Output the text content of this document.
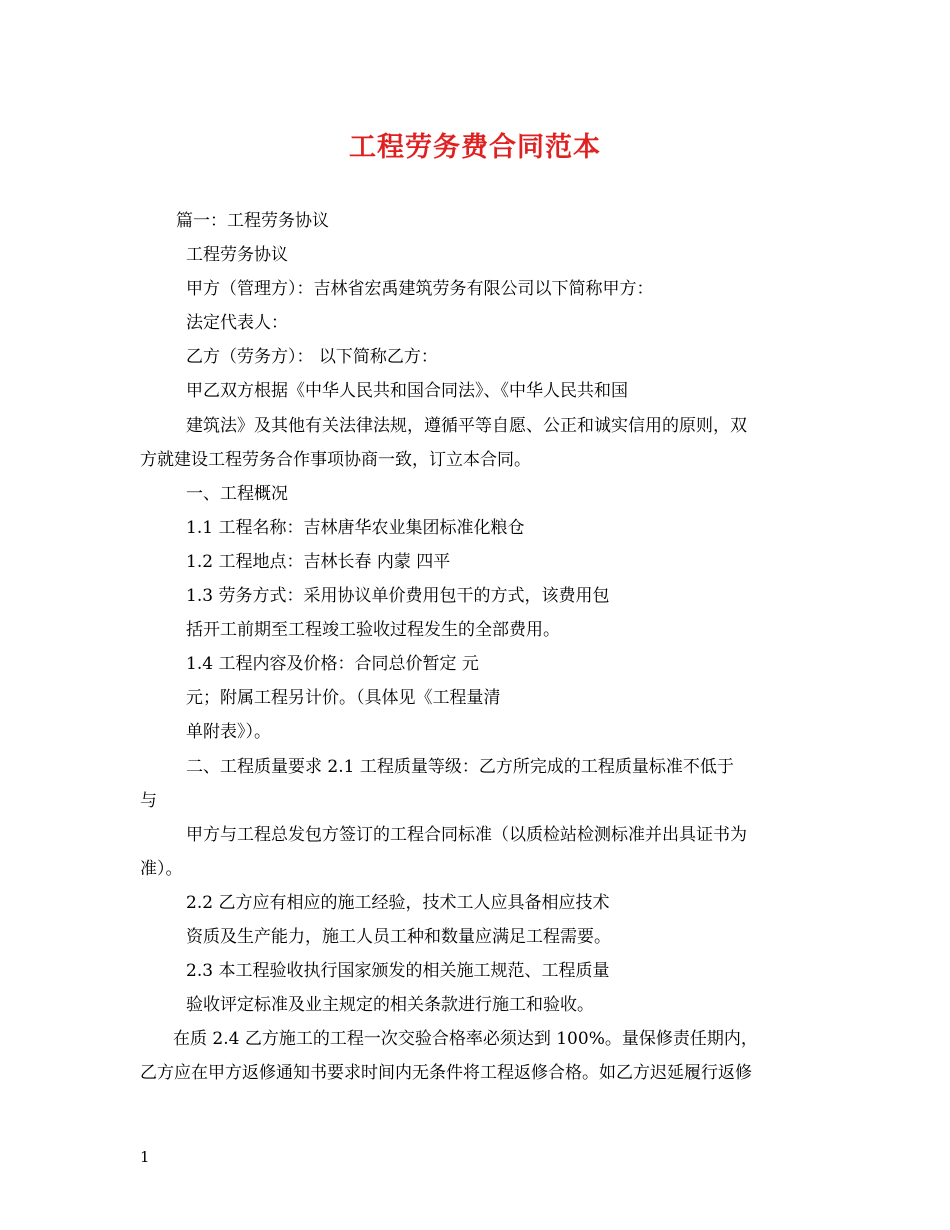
工程劳务费合同范本
篇一：工程劳务协议
工程劳务协议
甲方（管理方）：吉林省宏禹建筑劳务有限公司以下简称甲方：
法定代表人：
乙方（劳务方）： 以下简称乙方：
甲乙双方根据《中华人民共和国合同法》、《中华人民共和国
建筑法》及其他有关法律法规，遵循平等自愿、公正和诚实信用的原则，双
方就建设工程劳务合作事项协商一致，订立本合同。
一、工程概况
1.1 工程名称：吉林唐华农业集团标准化粮仓
1.2 工程地点：吉林长春 内蒙 四平
1.3 劳务方式：采用协议单价费用包干的方式，该费用包
括开工前期至工程竣工验收过程发生的全部费用。
1.4 工程内容及价格：合同总价暂定 元
元；附属工程另计价。（具体见《工程量清
单附表》）。
二、工程质量要求 2.1 工程质量等级：乙方所完成的工程质量标准不低于
与
甲方与工程总发包方签订的工程合同标准（以质检站检测标准并出具证书为
准）。
2.2 乙方应有相应的施工经验，技术工人应具备相应技术
资质及生产能力，施工人员工种和数量应满足工程需要。
2.3 本工程验收执行国家颁发的相关施工规范、工程质量
验收评定标准及业主规定的相关条款进行施工和验收。
在质 2.4 乙方施工的工程一次交验合格率必须达到 100%。量保修责任期内，
乙方应在甲方返修通知书要求时间内无条件将工程返修合格。如乙方迟延履行返修
1
